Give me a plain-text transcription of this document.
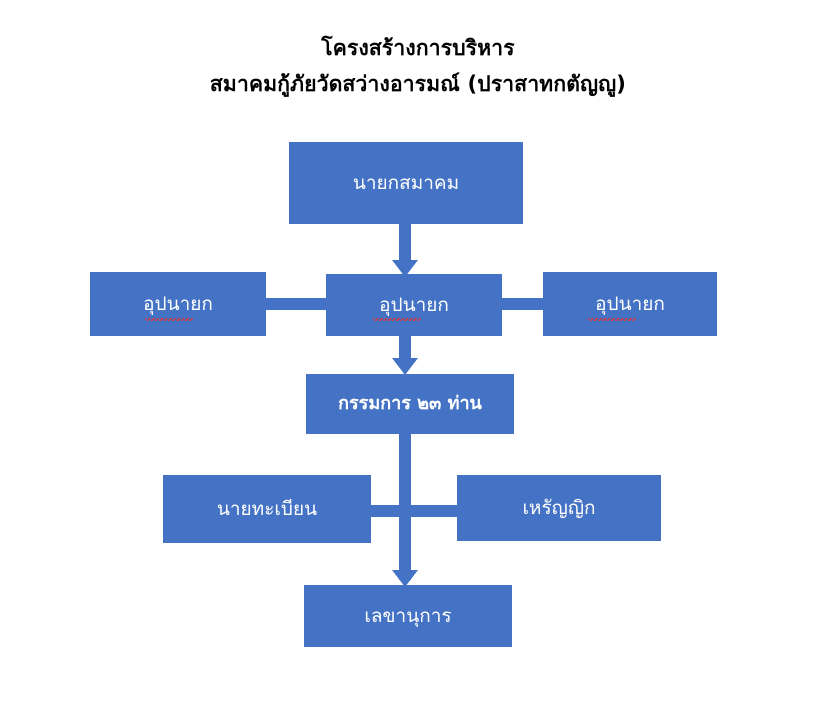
โครงสร้างการบริหาร
สมาคมกู้ภัยวัดสว่างอารมณ์ (ปราสาทกตัญญู)
นายกสมาคม
อุปนายก	อุปนายก	อุปนายก
กรรมการ ๒๓ ท่าน
นายทะเบียน	เหรัญญิก
เลขานุการ
